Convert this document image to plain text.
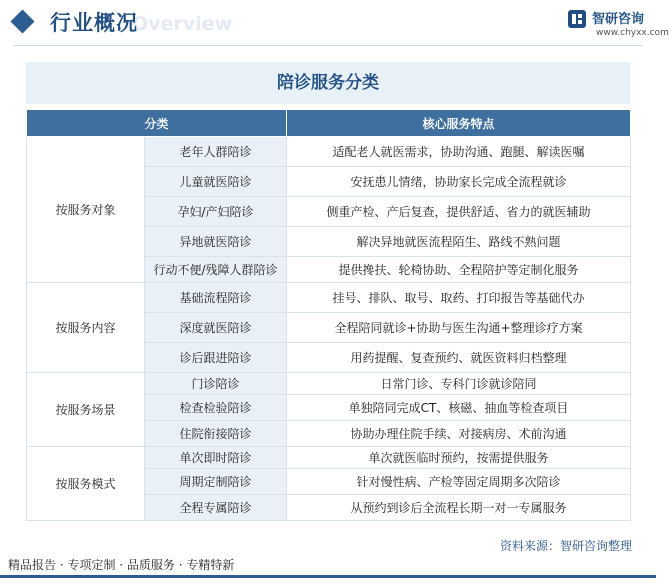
Overview
行业概况	智研咨询
www.chyxx.com
陪诊服务分类
分类		核心服务特点
按服务对象	老年人群陪诊	适配老人就医需求，协助沟通、跑腿、解读医嘱
	儿童就医陪诊	安抚患儿情绪，协助家长完成全流程就诊
	孕妇/产妇陪诊	侧重产检、产后复查，提供舒适、省力的就医辅助
	异地就医陪诊	解决异地就医流程陌生、路线不熟问题
	行动不便/残障人群陪诊	提供搀扶、轮椅协助、全程陪护等定制化服务
按服务内容	基础流程陪诊	挂号、排队、取号、取药、打印报告等基础代办
	深度就医陪诊	全程陪同就诊+协助与医生沟通+整理诊疗方案
	诊后跟进陪诊	用药提醒、复查预约、就医资料归档整理
按服务场景	门诊陪诊	日常门诊、专科门诊就诊陪同
	检查检验陪诊	单独陪同完成CT、核磁、抽血等检查项目
	住院衔接陪诊	协助办理住院手续、对接病房、术前沟通
按服务模式	单次即时陪诊	单次就医临时预约，按需提供服务
	周期定制陪诊	针对慢性病、产检等固定周期多次陪诊
	全程专属陪诊	从预约到诊后全流程长期一对一专属服务
资料来源：智研咨询整理
精品报告 · 专项定制 · 品质服务 · 专精特新
